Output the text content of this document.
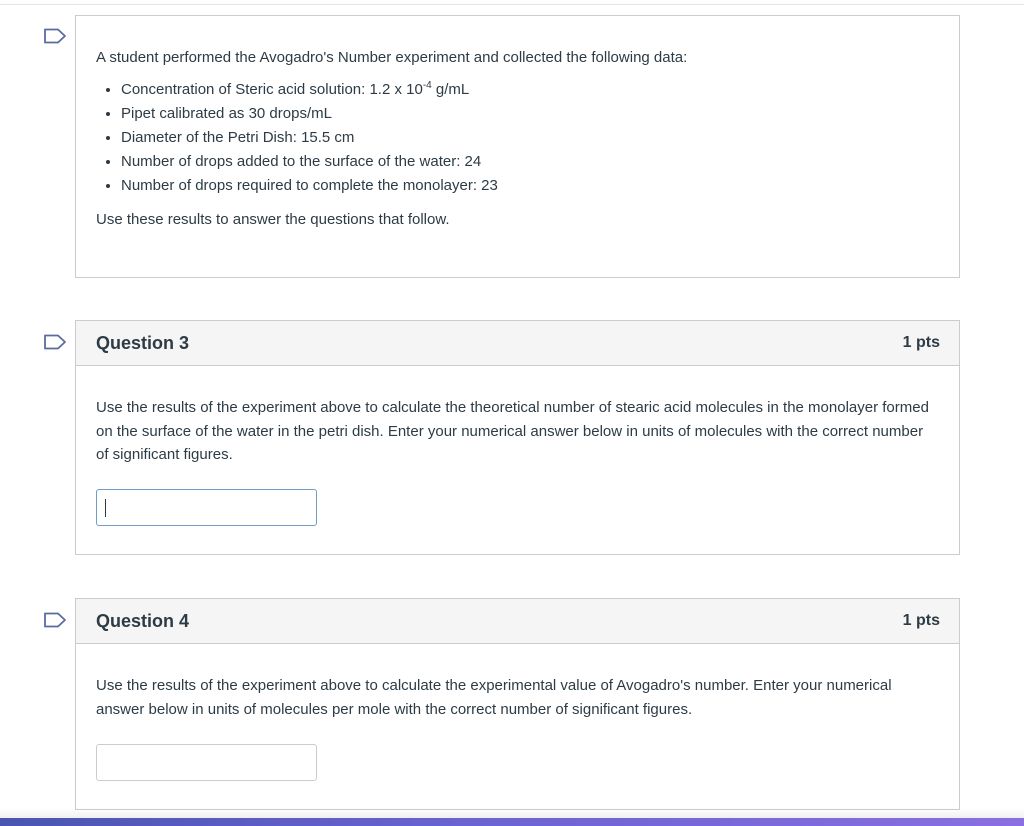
A student performed the Avogadro's Number experiment and collected the following data:

• Concentration of Steric acid solution: 1.2 x $10^{-4}$ g/mL
• Pipet calibrated as 30 drops/mL
• Diameter of the Petri Dish: 15.5 cm
• Number of drops added to the surface of the water: 24
• Number of drops required to complete the monolayer: 23

Use these results to answer the questions that follow.

Question 3	1 pts
Use the results of the experiment above to calculate the theoretical number of stearic acid molecules in the monolayer formed on the surface of the water in the petri dish. Enter your numerical answer below in units of molecules with the correct number of significant figures.
Question 4	1 pts
Use the results of the experiment above to calculate the experimental value of Avogadro's number. Enter your numerical answer below in units of molecules per mole with the correct number of significant figures.
